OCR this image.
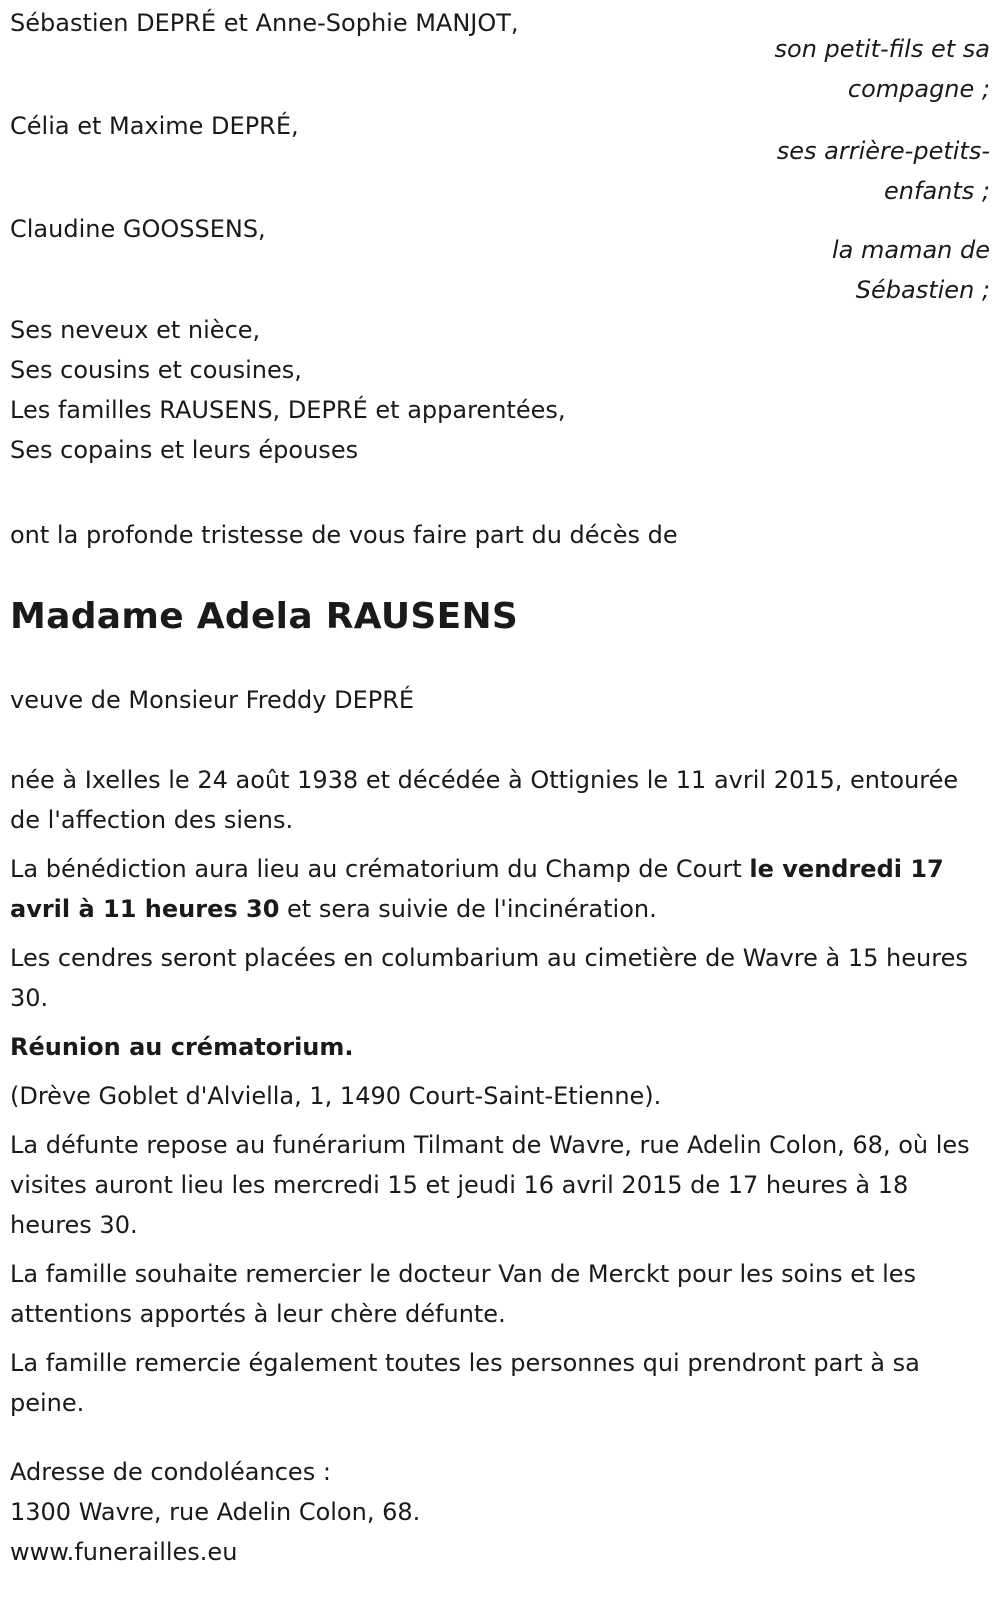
Sébastien DEPRÉ et Anne-Sophie MANJOT,
son petit-fils et sa compagne ;
Célia et Maxime DEPRÉ,
ses arrière-petits-enfants ;
Claudine GOOSSENS,
la maman de Sébastien ;
Ses neveux et nièce,
Ses cousins et cousines,
Les familles RAUSENS, DEPRÉ et apparentées,
Ses copains et leurs épouses
ont la profonde tristesse de vous faire part du décès de
Madame Adela RAUSENS
veuve de Monsieur Freddy DEPRÉ

née à Ixelles le 24 août 1938 et décédée à Ottignies le 11 avril 2015, entourée de l'affection des siens.

La bénédiction aura lieu au crématorium du Champ de Court le vendredi 17 avril à 11 heures 30 et sera suivie de l'incinération.

Les cendres seront placées en columbarium au cimetière de Wavre à 15 heures 30.

Réunion au crématorium.

(Drève Goblet d'Alviella, 1, 1490 Court-Saint-Etienne).

La défunte repose au funérarium Tilmant de Wavre, rue Adelin Colon, 68, où les visites auront lieu les mercredi 15 et jeudi 16 avril 2015 de 17 heures à 18 heures 30.

La famille souhaite remercier le docteur Van de Merckt pour les soins et les attentions apportés à leur chère défunte.

La famille remercie également toutes les personnes qui prendront part à sa peine.

Adresse de condoléances :
1300 Wavre, rue Adelin Colon, 68.
www.funerailles.eu
